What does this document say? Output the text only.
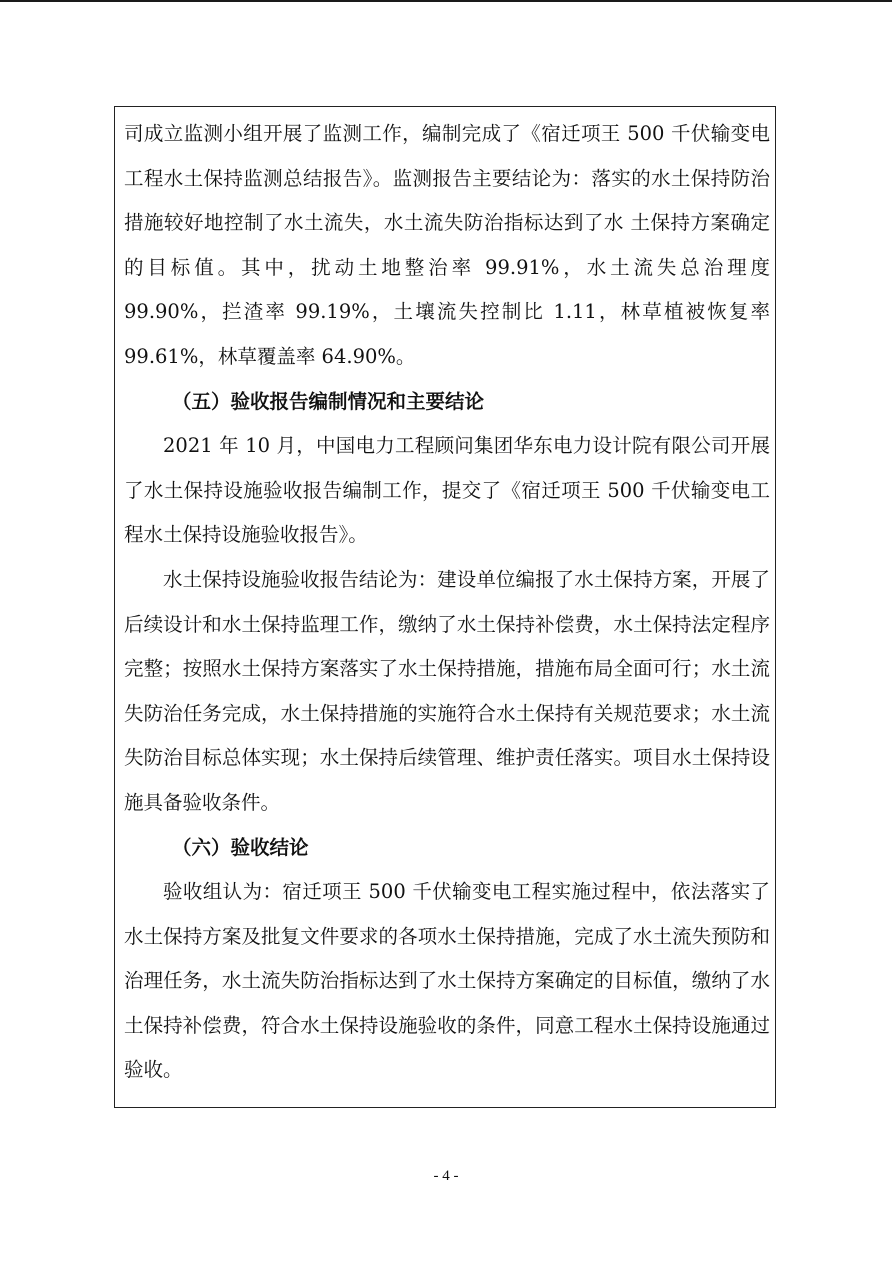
司成立监测小组开展了监测工作，编制完成了《宿迁项王 500 千伏输变电工程水土保持监测总结报告》。监测报告主要结论为：落实的水土保持防治措施较好地控制了水土流失，水土流失防治指标达到了水 土保持方案确定的目标值。其中，扰动土地整治率 99.91%，水土流失总治理度 99.90%，拦渣率 99.19%，土壤流失控制比 1.11，林草植被恢复率 99.61%，林草覆盖率 64.90%。

（五）验收报告编制情况和主要结论

2021 年 10 月，中国电力工程顾问集团华东电力设计院有限公司开展了水土保持设施验收报告编制工作，提交了《宿迁项王 500 千伏输变电工程水土保持设施验收报告》。

水土保持设施验收报告结论为：建设单位编报了水土保持方案，开展了后续设计和水土保持监理工作，缴纳了水土保持补偿费，水土保持法定程序完整；按照水土保持方案落实了水土保持措施，措施布局全面可行；水土流失防治任务完成，水土保持措施的实施符合水土保持有关规范要求；水土流失防治目标总体实现；水土保持后续管理、维护责任落实。项目水土保持设施具备验收条件。

（六）验收结论

验收组认为：宿迁项王 500 千伏输变电工程实施过程中，依法落实了水土保持方案及批复文件要求的各项水土保持措施，完成了水土流失预防和治理任务，水土流失防治指标达到了水土保持方案确定的目标值，缴纳了水土保持补偿费，符合水土保持设施验收的条件，同意工程水土保持设施通过验收。

- 4 -
